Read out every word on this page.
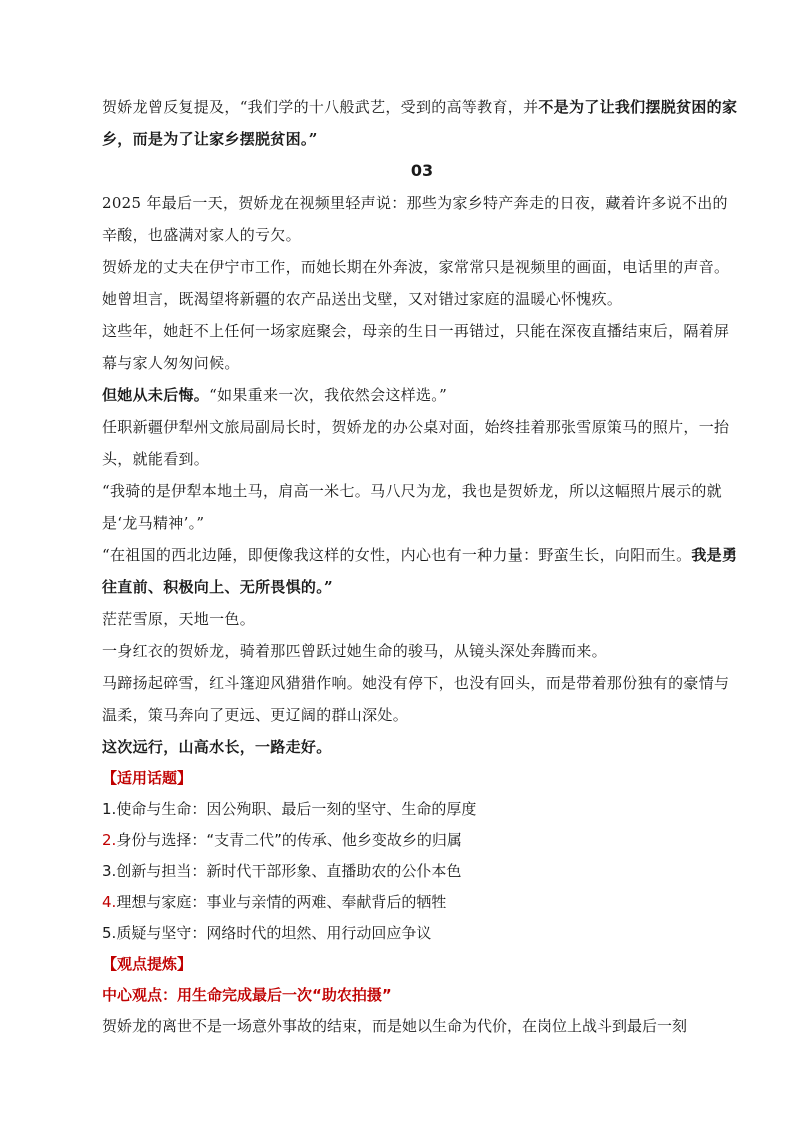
贺娇龙曾反复提及，“我们学的十八般武艺，受到的高等教育，并不是为了让我们摆脱贫困的家乡，而是为了让家乡摆脱贫困。”

03

2025 年最后一天，贺娇龙在视频里轻声说：那些为家乡特产奔走的日夜，藏着许多说不出的辛酸，也盛满对家人的亏欠。

贺娇龙的丈夫在伊宁市工作，而她长期在外奔波，家常常只是视频里的画面，电话里的声音。她曾坦言，既渴望将新疆的农产品送出戈壁，又对错过家庭的温暖心怀愧疚。

这些年，她赶不上任何一场家庭聚会，母亲的生日一再错过，只能在深夜直播结束后，隔着屏幕与家人匆匆问候。

但她从未后悔。“如果重来一次，我依然会这样选。”

任职新疆伊犁州文旅局副局长时，贺娇龙的办公桌对面，始终挂着那张雪原策马的照片，一抬头，就能看到。

“我骑的是伊犁本地土马，肩高一米七。马八尺为龙，我也是贺娇龙，所以这幅照片展示的就是‘龙马精神’。”

“在祖国的西北边陲，即便像我这样的女性，内心也有一种力量：野蛮生长，向阳而生。我是勇往直前、积极向上、无所畏惧的。”

茫茫雪原，天地一色。

一身红衣的贺娇龙，骑着那匹曾跃过她生命的骏马，从镜头深处奔腾而来。

马蹄扬起碎雪，红斗篷迎风猎猎作响。她没有停下，也没有回头，而是带着那份独有的豪情与温柔，策马奔向了更远、更辽阔的群山深处。

这次远行，山高水长，一路走好。

【适用话题】

1.使命与生命：因公殉职、最后一刻的坚守、生命的厚度

2.身份与选择：“支青二代”的传承、他乡变故乡的归属

3.创新与担当：新时代干部形象、直播助农的公仆本色

4.理想与家庭：事业与亲情的两难、奉献背后的牺牲

5.质疑与坚守：网络时代的坦然、用行动回应争议

【观点提炼】

中心观点：用生命完成最后一次“助农拍摄”

贺娇龙的离世不是一场意外事故的结束，而是她以生命为代价，在岗位上战斗到最后一刻
